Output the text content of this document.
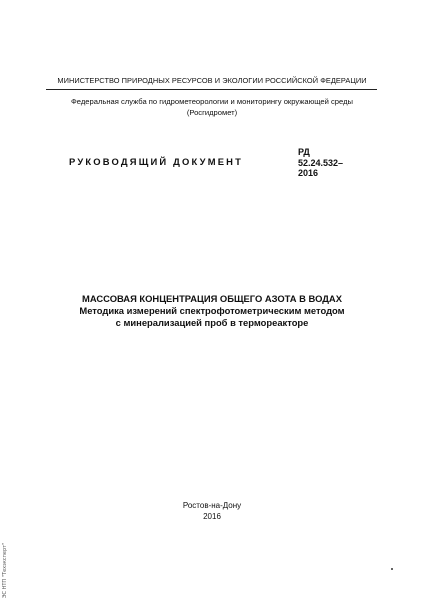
МИНИСТЕРСТВО ПРИРОДНЫХ РЕСУРСОВ И ЭКОЛОГИИ РОССИЙСКОЙ ФЕДЕРАЦИИ
Федеральная служба по гидрометеорологии и мониторингу окружающей среды
(Росгидромет)
РУКОВОДЯЩИЙ ДОКУМЕНТ
РД
52.24.532–
2016
МАССОВАЯ КОНЦЕНТРАЦИЯ ОБЩЕГО АЗОТА В ВОДАХ
Методика измерений спектрофотометрическим методом
с минерализацией проб в термореакторе
Ростов-на-Дону
2016
ЭС НТП "Техэксперт"
